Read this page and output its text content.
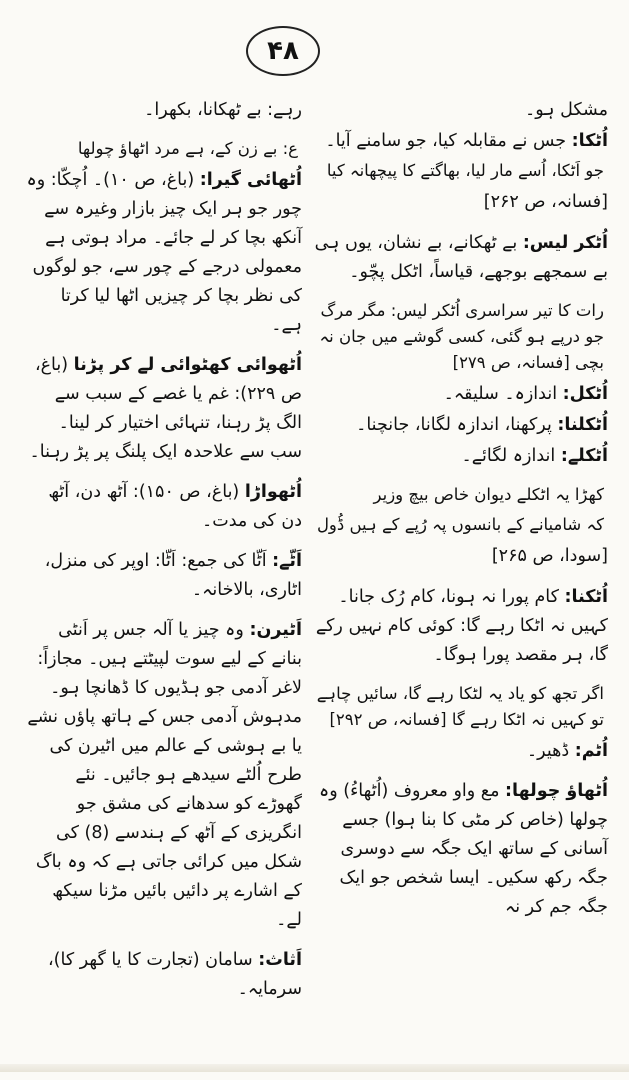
۴۸

مشکل ہو۔

اُٹکا: جس نے مقابلہ کیا، جو سامنے آیا۔

جو اَٹکا، اُسے مار لیا، بھاگتے کا پیچھانہ کیا

[فسانہ، ص ۲۶۲]

اُٹکر لیس: بے ٹھکانے، بے نشان، یوں ہی بے سمجھے بوجھے، قیاساً، اٹکل پچّو۔

رات کا تیر سراسری اُٹکر لیس: مگر مرگ جو درپے ہو گئی، کسی گوشے میں جان نہ بچی [فسانہ، ص ۲۷۹]

اُٹکل: اندازہ۔ سلیقہ۔

اُٹکلنا: پرکھنا، اندازہ لگانا، جانچنا۔

اُٹکلے: اندازہ لگائے۔

کھڑا یہ اٹکلے دیوان خاص بیچ وزیر

کہ شامیانے کے بانسوں پہ رُپے کے ہیں ڈُول

[سودا، ص ۲۶۵]

اُٹکنا: کام پورا نہ ہونا، کام رُک جانا۔ کہیں نہ اٹکا رہے گا: کوئی کام نہیں رکے گا، ہر مقصد پورا ہوگا۔

اگر تجھ کو یاد یہ لٹکا رہے گا، سائیں چاہے تو کہیں نہ اٹکا رہے گا [فسانہ، ص ۲۹۲]

اُٹم: ڈھیر۔

اُٹھاؤ چولھا: مع واو معروف (اُٹھاءُ) وہ چولھا (خاص کر مٹی کا بنا ہوا) جسے آسانی کے ساتھ ایک جگہ سے دوسری جگہ رکھ سکیں۔ ایسا شخص جو ایک جگہ جم کر نہ

رہے: بے ٹھکانا، بکھرا۔

ع: بے زن کے، ہے مرد اٹھاؤ چولھا

اُٹھائی گیرا: (باغ، ص ۱۰)۔ اُچکّا: وہ چور جو ہر ایک چیز بازار وغیرہ سے آنکھ بچا کر لے جائے۔ مراد ہوتی ہے معمولی درجے کے چور سے، جو لوگوں کی نظر بچا کر چیزیں اٹھا لیا کرتا ہے۔

اُٹھوائی کھٹوائی لے کر پڑنا (باغ، ص ۲۲۹): غم یا غصے کے سبب سے الگ پڑ رہنا، تنہائی اختیار کر لینا۔ سب سے علاحدہ ایک پلنگ پر پڑ رہنا۔

اُٹھواڑا (باغ، ص ۱۵۰): آٹھ دن، آٹھ دن کی مدت۔

اَٹّے: اَٹّا کی جمع: اَٹّا: اوپر کی منزل، اٹاری، بالاخانہ۔

اَٹیرن: وہ چیز یا آلہ جس پر اَنٹی بنانے کے لیے سوت لپیٹتے ہیں۔ مجازاً: لاغر آدمی جو ہڈیوں کا ڈھانچا ہو۔ مدہوش آدمی جس کے ہاتھ پاؤں نشے یا بے ہوشی کے عالم میں اٹیرن کی طرح اُلٹے سیدھے ہو جائیں۔ نئے گھوڑے کو سدھانے کی مشق جو انگریزی کے آٹھ کے ہندسے (8) کی شکل میں کرائی جاتی ہے کہ وہ باگ کے اشارے پر دائیں بائیں مڑنا سیکھ لے۔

اَثاث: سامان (تجارت کا یا گھر کا)، سرمایہ۔
